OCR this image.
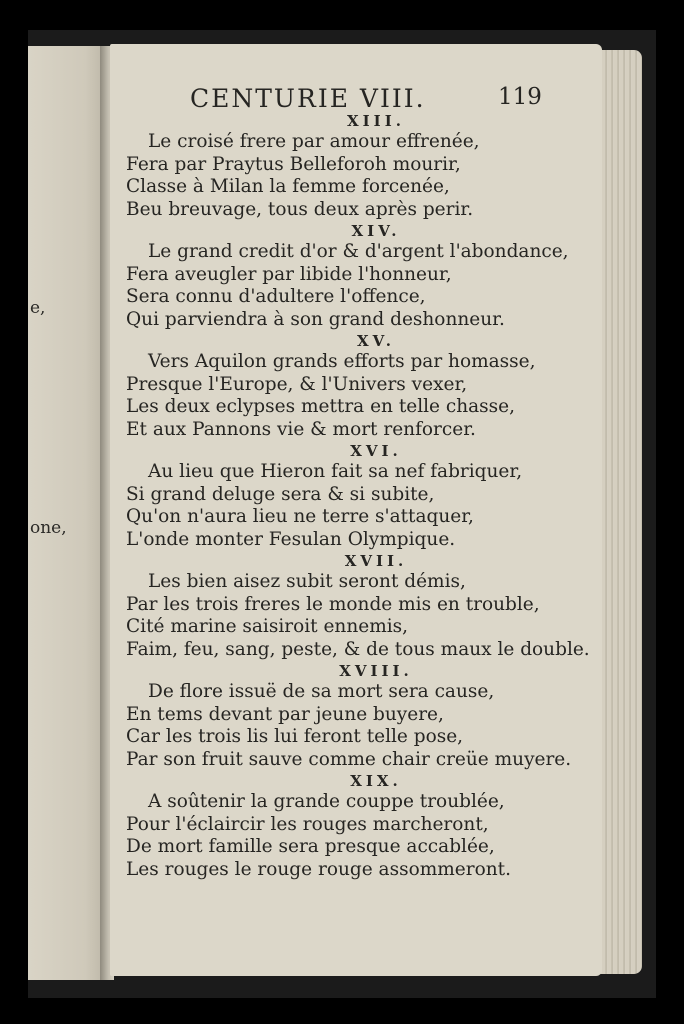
e,
one,
CENTURIE VIII.	119
XIII.
Le croisé frere par amour effrenée,
Fera par Praytus Belleforoh mourir,
Classe à Milan la femme forcenée,
Beu breuvage, tous deux après perir.
XIV.
Le grand credit d'or & d'argent l'abondance,
Fera aveugler par libide l'honneur,
Sera connu d'adultere l'offence,
Qui parviendra à son grand deshonneur.
XV.
Vers Aquilon grands efforts par homasse,
Presque l'Europe, & l'Univers vexer,
Les deux eclypses mettra en telle chasse,
Et aux Pannons vie & mort renforcer.
XVI.
Au lieu que Hieron fait sa nef fabriquer,
Si grand deluge sera & si subite,
Qu'on n'aura lieu ne terre s'attaquer,
L'onde monter Fesulan Olympique.
XVII.
Les bien aisez subit seront démis,
Par les trois freres le monde mis en trouble,
Cité marine saisiroit ennemis,
Faim, feu, sang, peste, & de tous maux le double.
XVIII.
De flore issuë de sa mort sera cause,
En tems devant par jeune buyere,
Car les trois lis lui feront telle pose,
Par son fruit sauve comme chair creüe muyere.
XIX.
A soûtenir la grande couppe troublée,
Pour l'éclaircir les rouges marcheront,
De mort famille sera presque accablée,
Les rouges le rouge rouge assommeront.
